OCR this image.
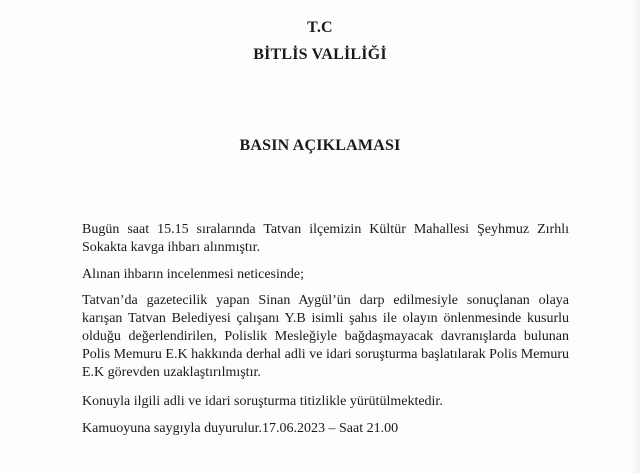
T.C
BİTLİS VALİLİĞİ
BASIN AÇIKLAMASI

Bugün saat 15.15 sıralarında Tatvan ilçemizin Kültür Mahallesi Şeyhmuz Zırhlı Sokakta kavga ihbarı alınmıştır.

Alınan ihbarın incelenmesi neticesinde;

Tatvan’da gazetecilik yapan Sinan Aygül’ün darp edilmesiyle sonuçlanan olaya karışan Tatvan Belediyesi çalışanı Y.B isimli şahıs ile olayın önlenmesinde kusurlu olduğu değerlendirilen, Polislik Mesleğiyle bağdaşmayacak davranışlarda bulunan Polis Memuru E.K hakkında derhal adli ve idari soruşturma başlatılarak Polis Memuru E.K görevden uzaklaştırılmıştır.

Konuyla ilgili adli ve idari soruşturma titizlikle yürütülmektedir.

Kamuoyuna saygıyla duyurulur.17.06.2023 – Saat 21.00
